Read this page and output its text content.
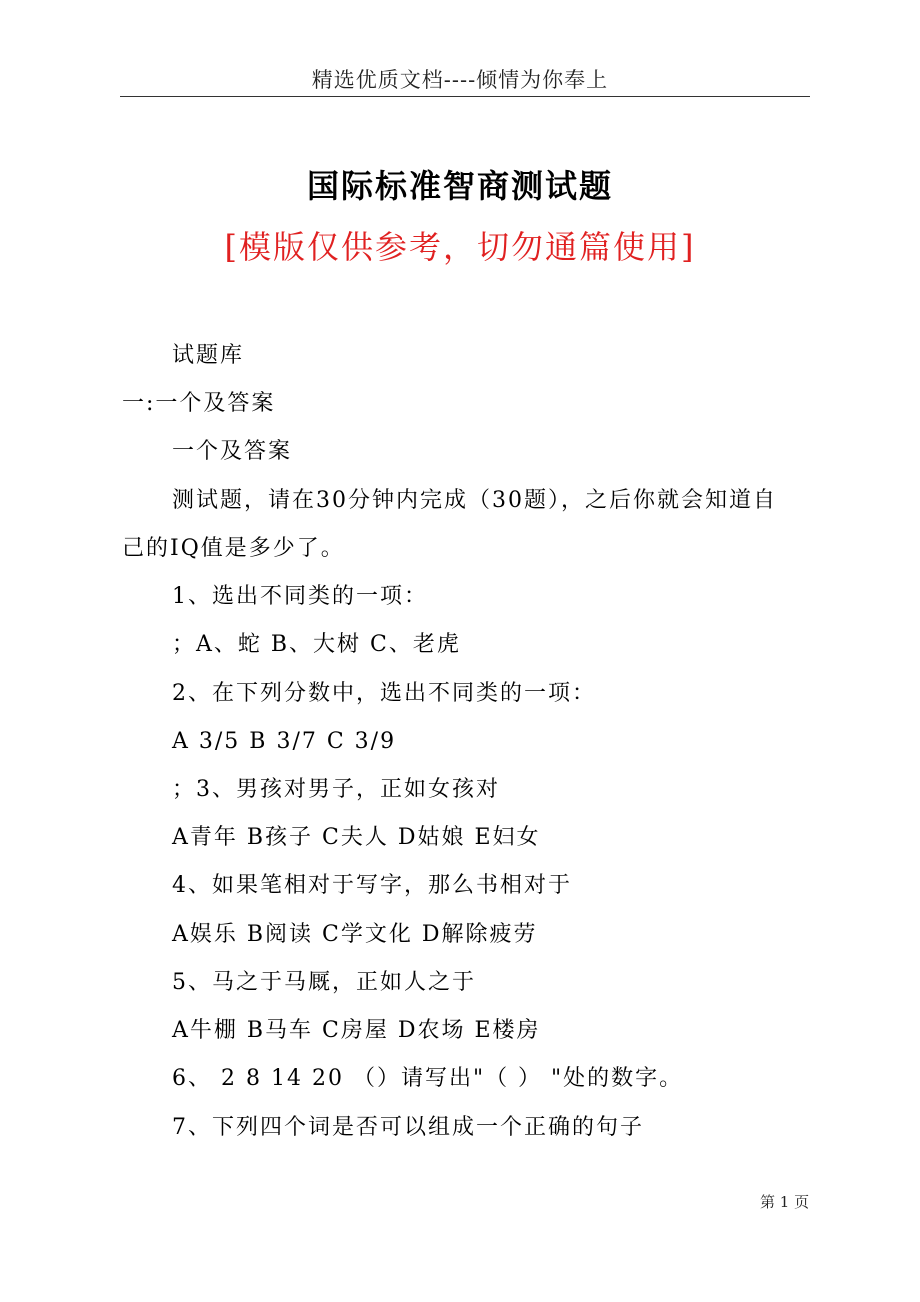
精选优质文档----倾情为你奉上
国际标准智商测试题
[模版仅供参考，切勿通篇使用]
试题库
一:一个及答案
一个及答案
测试题，请在30分钟内完成（30题），之后你就会知道自
己的IQ值是多少了。
1、选出不同类的一项：
；A、蛇 B、大树 C、老虎
2、在下列分数中，选出不同类的一项：
A 3/5 B 3/7 C 3/9
；3、男孩对男子，正如女孩对
A青年 B孩子 C夫人 D姑娘 E妇女
4、如果笔相对于写字，那么书相对于
A娱乐 B阅读 C学文化 D解除疲劳
5、马之于马厩，正如人之于
A牛棚 B马车 C房屋 D农场 E楼房
6、 2 8 14 20 （）请写出"（ ） "处的数字。
7、下列四个词是否可以组成一个正确的句子
第 1 页
